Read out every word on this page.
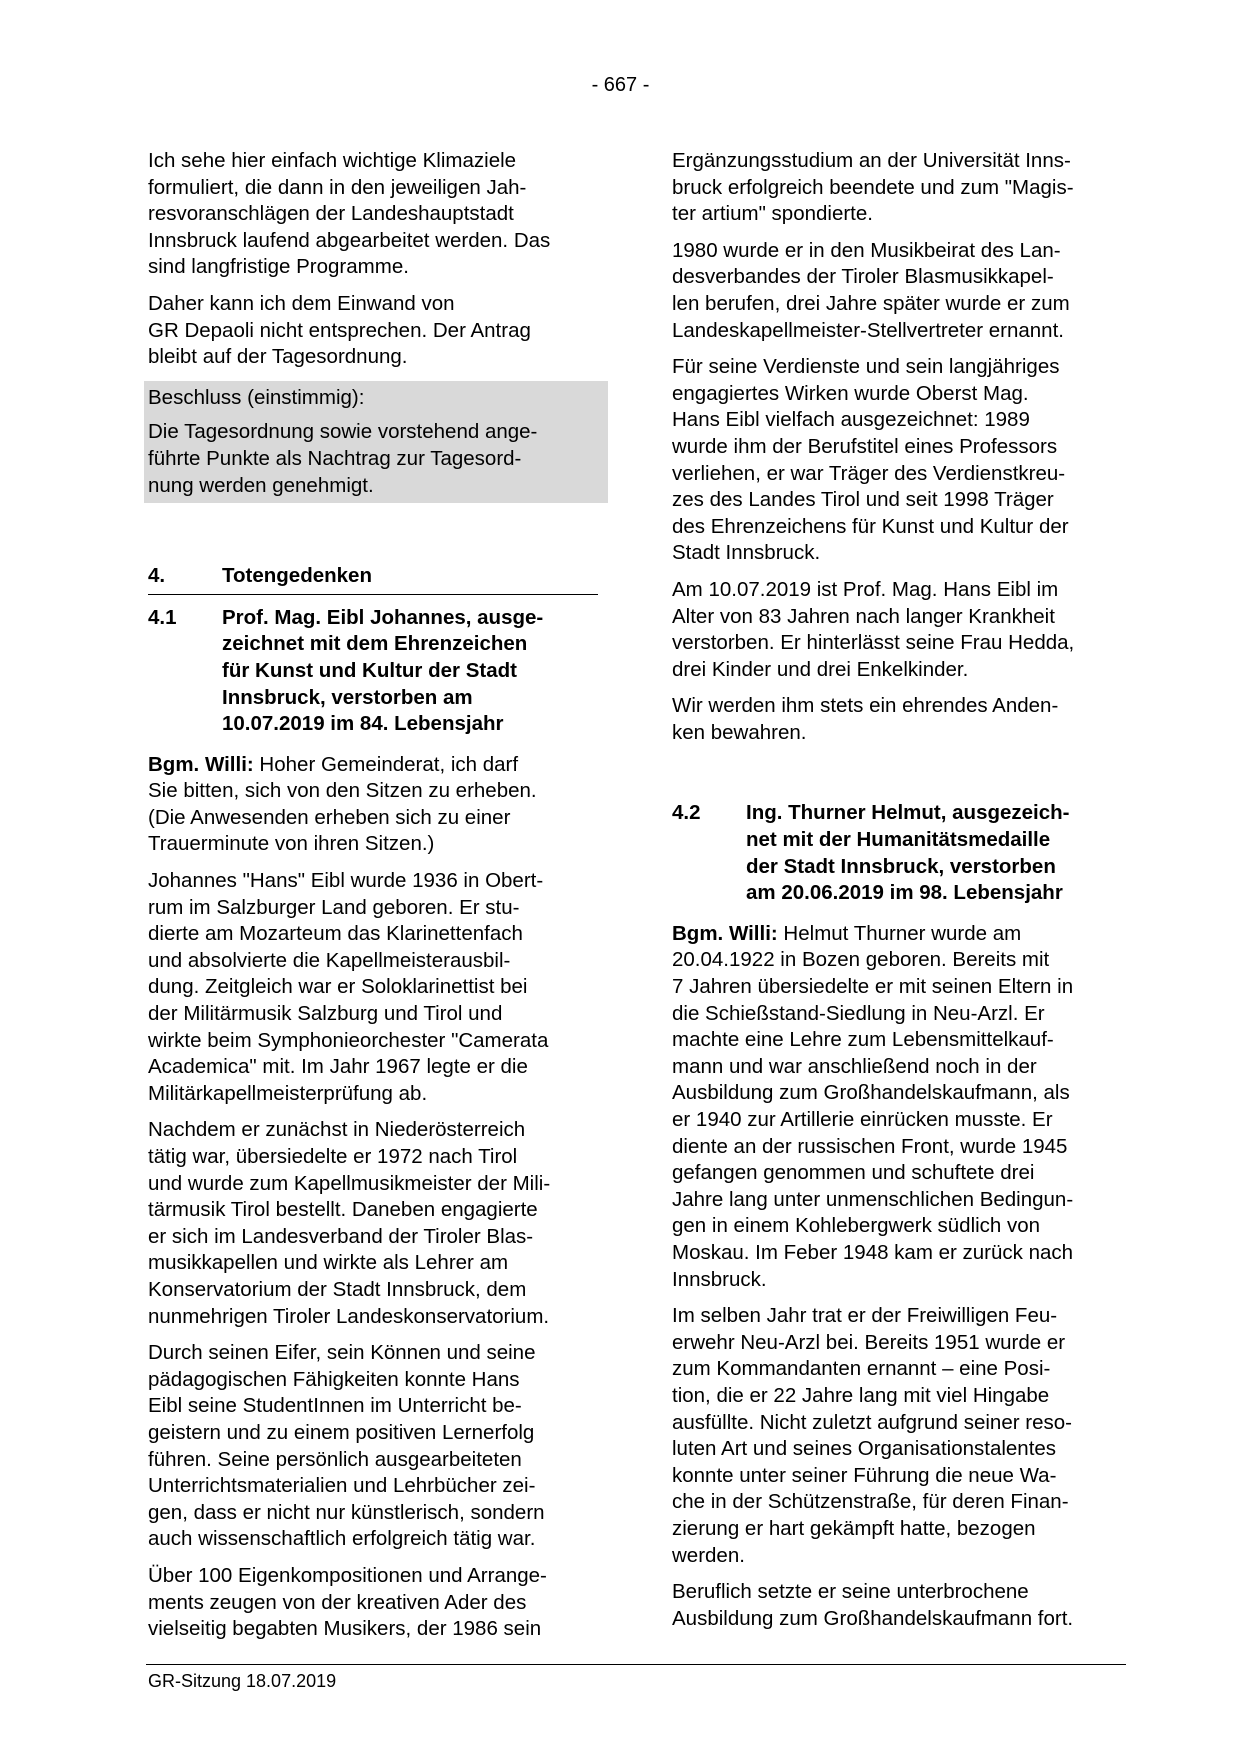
- 667 -

Ich sehe hier einfach wichtige Klimaziele
formuliert, die dann in den jeweiligen Jah-
resvoranschlägen der Landeshauptstadt
Innsbruck laufend abgearbeitet werden. Das
sind langfristige Programme.

Daher kann ich dem Einwand von
GR Depaoli nicht entsprechen. Der Antrag
bleibt auf der Tagesordnung.

Beschluss (einstimmig):

Die Tagesordnung sowie vorstehend ange-
führte Punkte als Nachtrag zur Tagesord-
nung werden genehmigt.

4.	Totengedenken
4.1	Prof. Mag. Eibl Johannes, ausge-
zeichnet mit dem Ehrenzeichen
für Kunst und Kultur der Stadt
Innsbruck, verstorben am
10.07.2019 im 84. Lebensjahr

Bgm. Willi: Hoher Gemeinderat, ich darf
Sie bitten, sich von den Sitzen zu erheben.
(Die Anwesenden erheben sich zu einer
Trauerminute von ihren Sitzen.)

Johannes "Hans" Eibl wurde 1936 in Obert-
rum im Salzburger Land geboren. Er stu-
dierte am Mozarteum das Klarinettenfach
und absolvierte die Kapellmeisterausbil-
dung. Zeitgleich war er Soloklarinettist bei
der Militärmusik Salzburg und Tirol und
wirkte beim Symphonieorchester "Camerata
Academica" mit. Im Jahr 1967 legte er die
Militärkapellmeisterprüfung ab.

Nachdem er zunächst in Niederösterreich
tätig war, übersiedelte er 1972 nach Tirol
und wurde zum Kapellmusikmeister der Mili-
tärmusik Tirol bestellt. Daneben engagierte
er sich im Landesverband der Tiroler Blas-
musikkapellen und wirkte als Lehrer am
Konservatorium der Stadt Innsbruck, dem
nunmehrigen Tiroler Landeskonservatorium.

Durch seinen Eifer, sein Können und seine
pädagogischen Fähigkeiten konnte Hans
Eibl seine StudentInnen im Unterricht be-
geistern und zu einem positiven Lernerfolg
führen. Seine persönlich ausgearbeiteten
Unterrichtsmaterialien und Lehrbücher zei-
gen, dass er nicht nur künstlerisch, sondern
auch wissenschaftlich erfolgreich tätig war.

Über 100 Eigenkompositionen und Arrange-
ments zeugen von der kreativen Ader des
vielseitig begabten Musikers, der 1986 sein

Ergänzungsstudium an der Universität Inns-
bruck erfolgreich beendete und zum "Magis-
ter artium" spondierte.

1980 wurde er in den Musikbeirat des Lan-
desverbandes der Tiroler Blasmusikkapel-
len berufen, drei Jahre später wurde er zum
Landeskapellmeister-Stellvertreter ernannt.

Für seine Verdienste und sein langjähriges
engagiertes Wirken wurde Oberst Mag.
Hans Eibl vielfach ausgezeichnet: 1989
wurde ihm der Berufstitel eines Professors
verliehen, er war Träger des Verdienstkreu-
zes des Landes Tirol und seit 1998 Träger
des Ehrenzeichens für Kunst und Kultur der
Stadt Innsbruck.

Am 10.07.2019 ist Prof. Mag. Hans Eibl im
Alter von 83 Jahren nach langer Krankheit
verstorben. Er hinterlässt seine Frau Hedda,
drei Kinder und drei Enkelkinder.

Wir werden ihm stets ein ehrendes Anden-
ken bewahren.

4.2	Ing. Thurner Helmut, ausgezeich-
net mit der Humanitätsmedaille
der Stadt Innsbruck, verstorben
am 20.06.2019 im 98. Lebensjahr

Bgm. Willi: Helmut Thurner wurde am
20.04.1922 in Bozen geboren. Bereits mit
7 Jahren übersiedelte er mit seinen Eltern in
die Schießstand-Siedlung in Neu-Arzl. Er
machte eine Lehre zum Lebensmittelkauf-
mann und war anschließend noch in der
Ausbildung zum Großhandelskaufmann, als
er 1940 zur Artillerie einrücken musste. Er
diente an der russischen Front, wurde 1945
gefangen genommen und schuftete drei
Jahre lang unter unmenschlichen Bedingun-
gen in einem Kohlebergwerk südlich von
Moskau. Im Feber 1948 kam er zurück nach
Innsbruck.

Im selben Jahr trat er der Freiwilligen Feu-
erwehr Neu-Arzl bei. Bereits 1951 wurde er
zum Kommandanten ernannt – eine Posi-
tion, die er 22 Jahre lang mit viel Hingabe
ausfüllte. Nicht zuletzt aufgrund seiner reso-
luten Art und seines Organisationstalentes
konnte unter seiner Führung die neue Wa-
che in der Schützenstraße, für deren Finan-
zierung er hart gekämpft hatte, bezogen
werden.

Beruflich setzte er seine unterbrochene
Ausbildung zum Großhandelskaufmann fort.

GR-Sitzung 18.07.2019
